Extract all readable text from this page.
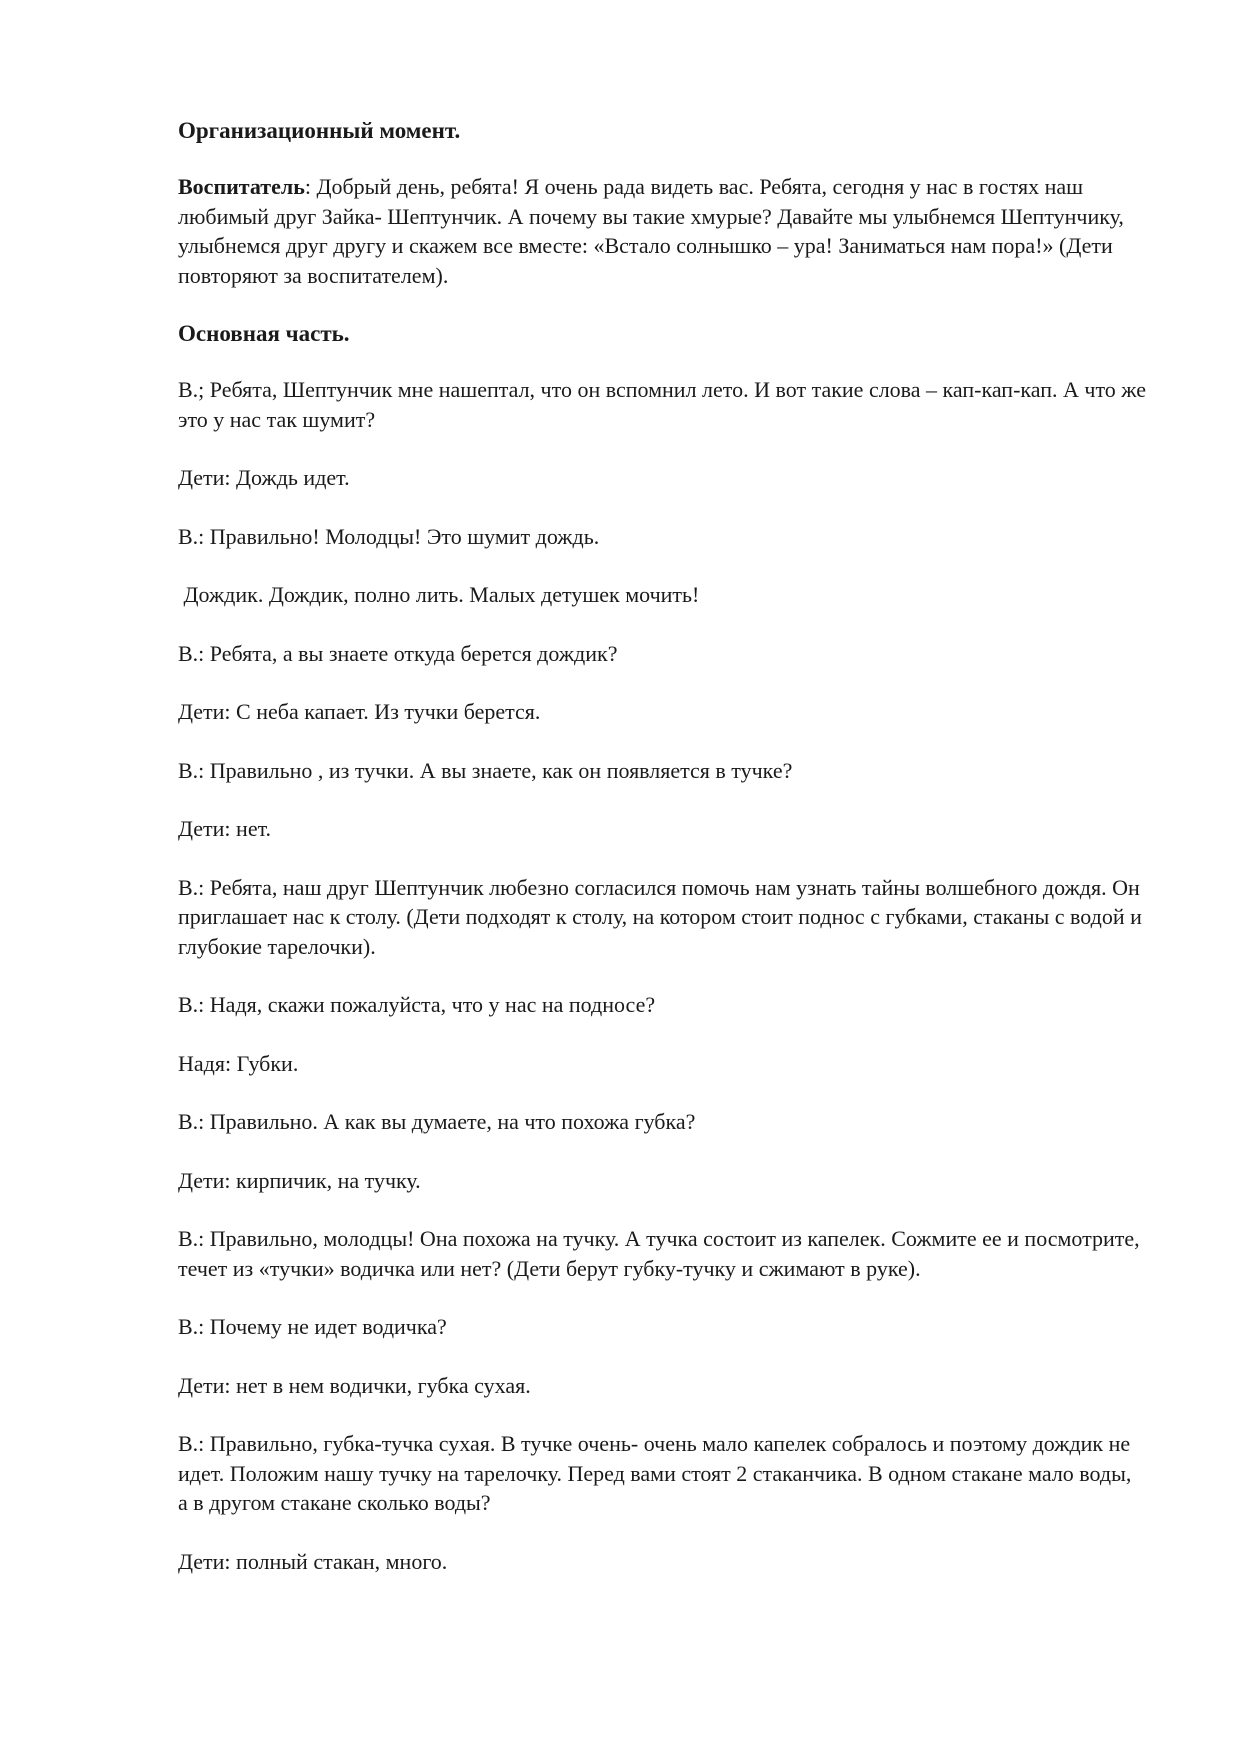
Организационный момент.
Воспитатель: Добрый день, ребята! Я очень рада видеть вас. Ребята, сегодня у нас в гостях наш любимый друг Зайка- Шептунчик. А почему вы такие хмурые? Давайте мы улыбнемся Шептунчику, улыбнемся друг другу и скажем все вместе: «Встало солнышко – ура! Заниматься нам пора!» (Дети повторяют за воспитателем).
Основная часть.
В.; Ребята, Шептунчик мне нашептал, что он вспомнил лето. И вот такие слова – кап-кап-кап. А что же это у нас так шумит?
Дети: Дождь идет.
В.: Правильно! Молодцы! Это шумит дождь.
Дождик. Дождик, полно лить. Малых детушек мочить!
В.: Ребята, а вы знаете откуда берется дождик?
Дети: С неба капает. Из тучки берется.
В.: Правильно , из тучки. А вы знаете, как он появляется в тучке?
Дети: нет.
В.: Ребята, наш друг Шептунчик любезно согласился помочь нам узнать тайны волшебного дождя. Он приглашает нас к столу. (Дети подходят к столу, на котором стоит поднос с губками, стаканы с водой и глубокие тарелочки).
В.: Надя, скажи пожалуйста, что у нас на подносе?
Надя: Губки.
В.: Правильно. А как вы думаете, на что похожа губка?
Дети: кирпичик, на тучку.
В.: Правильно, молодцы! Она похожа на тучку. А тучка состоит из капелек. Сожмите ее и посмотрите, течет из «тучки» водичка или нет? (Дети берут губку-тучку и сжимают в руке).
В.: Почему не идет водичка?
Дети: нет в нем водички, губка сухая.
В.: Правильно, губка-тучка сухая. В тучке очень- очень мало капелек собралось и поэтому дождик не идет. Положим нашу тучку на тарелочку. Перед вами стоят 2 стаканчика. В одном стакане мало воды, а в другом стакане сколько воды?
Дети: полный стакан, много.
